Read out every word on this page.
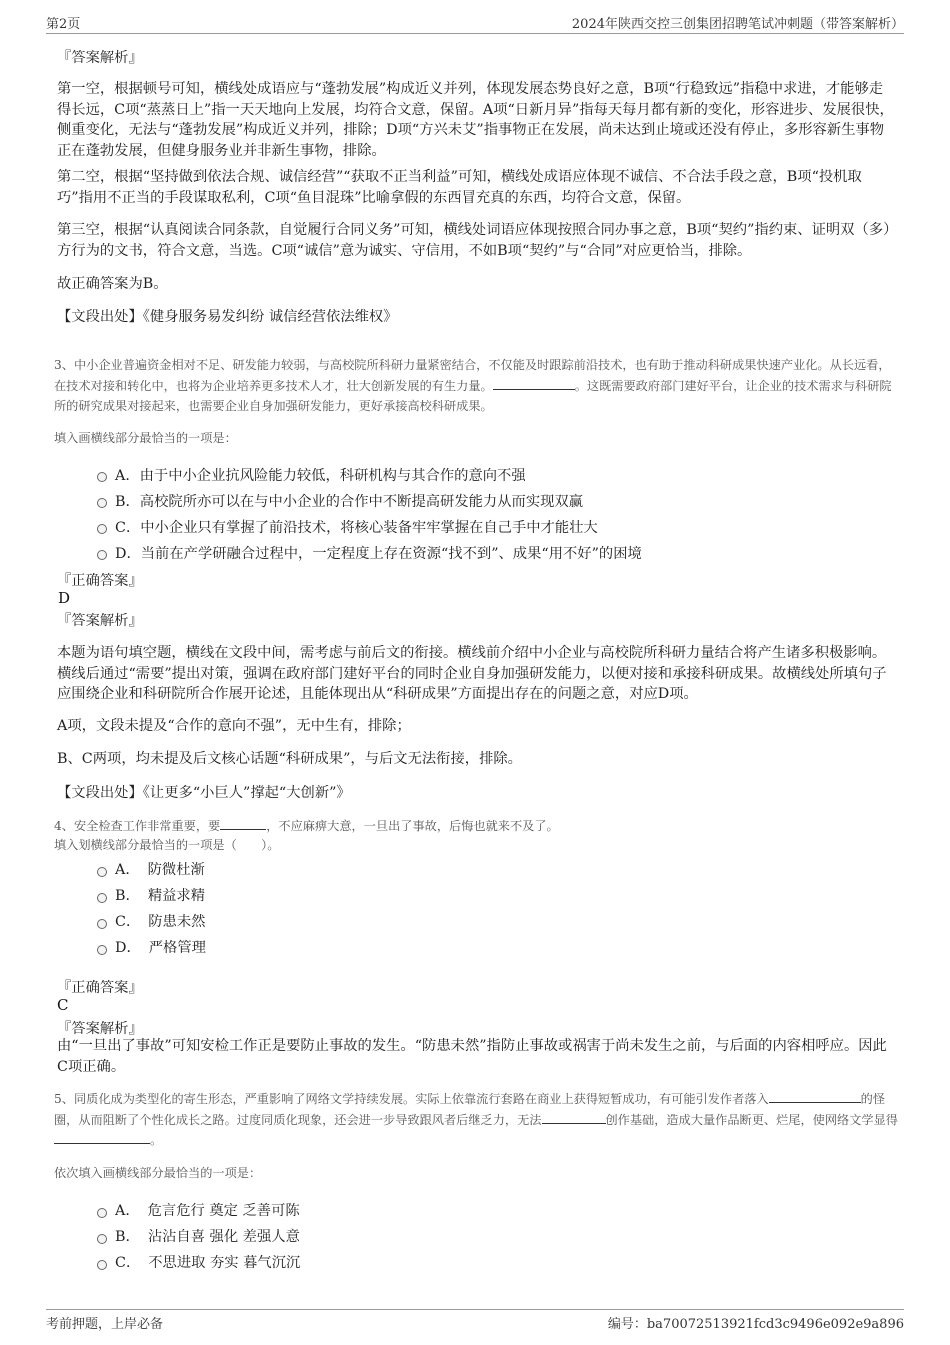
第2页	2024年陕西交控三创集团招聘笔试冲刺题（带答案解析）
『答案解析』
第一空，根据顿号可知，横线处成语应与“蓬勃发展”构成近义并列，体现发展态势良好之意，B项“行稳致远”指稳中求进，才能够走得长远，C项“蒸蒸日上”指一天天地向上发展，均符合文意，保留。A项“日新月异”指每天每月都有新的变化，形容进步、发展很快，侧重变化，无法与“蓬勃发展”构成近义并列，排除；D项“方兴未艾”指事物正在发展，尚未达到止境或还没有停止，多形容新生事物正在蓬勃发展，但健身服务业并非新生事物，排除。
第二空，根据“坚持做到依法合规、诚信经营”“获取不正当利益”可知，横线处成语应体现不诚信、不合法手段之意，B项“投机取巧”指用不正当的手段谋取私利，C项“鱼目混珠”比喻拿假的东西冒充真的东西，均符合文意，保留。
第三空，根据“认真阅读合同条款，自觉履行合同义务”可知，横线处词语应体现按照合同办事之意，B项“契约”指约束、证明双（多）方行为的文书，符合文意，当选。C项“诚信”意为诚实、守信用，不如B项“契约”与“合同”对应更恰当，排除。
故正确答案为B。
【文段出处】《健身服务易发纠纷 诚信经营依法维权》
3、中小企业普遍资金相对不足、研发能力较弱，与高校院所科研力量紧密结合，不仅能及时跟踪前沿技术，也有助于推动科研成果快速产业化。从长远看，在技术对接和转化中，也将为企业培养更多技术人才，壮大创新发展的有生力量。	。这既需要政府部门建好平台，让企业的技术需求与科研院所的研究成果对接起来，也需要企业自身加强研发能力，更好承接高校科研成果。
填入画横线部分最恰当的一项是：
A．由于中小企业抗风险能力较低，科研机构与其合作的意向不强
B．高校院所亦可以在与中小企业的合作中不断提高研发能力从而实现双赢
C．中小企业只有掌握了前沿技术，将核心装备牢牢掌握在自己手中才能壮大
D．当前在产学研融合过程中，一定程度上存在资源“找不到”、成果“用不好”的困境
『正确答案』
D
『答案解析』
本题为语句填空题，横线在文段中间，需考虑与前后文的衔接。横线前介绍中小企业与高校院所科研力量结合将产生诸多积极影响。横线后通过“需要”提出对策，强调在政府部门建好平台的同时企业自身加强研发能力，以便对接和承接科研成果。故横线处所填句子应围绕企业和科研院所合作展开论述，且能体现出从“科研成果”方面提出存在的问题之意，对应D项。
A项，文段未提及“合作的意向不强”，无中生有，排除；
B、C两项，均未提及后文核心话题“科研成果”，与后文无法衔接，排除。
【文段出处】《让更多“小巨人”撑起“大创新”》
4、安全检查工作非常重要，要	，不应麻痹大意，一旦出了事故，后悔也就来不及了。
填入划横线部分最恰当的一项是（　　）。
A． 防微杜渐
B． 精益求精
C． 防患未然
D． 严格管理
『正确答案』
C
『答案解析』
由“一旦出了事故”可知安检工作正是要防止事故的发生。“防患未然”指防止事故或祸害于尚未发生之前，与后面的内容相呼应。因此C项正确。
5、同质化成为类型化的寄生形态，严重影响了网络文学持续发展。实际上依靠流行套路在商业上获得短暂成功，有可能引发作者落入	的怪圈，从而阻断了个性化成长之路。过度同质化现象，还会进一步导致跟风者后继乏力，无法	创作基础，造成大量作品断更、烂尾，使网络文学显得。
依次填入画横线部分最恰当的一项是：
A． 危言危行 奠定 乏善可陈
B． 沾沾自喜 强化 差强人意
C． 不思进取 夯实 暮气沉沉
考前押题，上岸必备	编号：ba70072513921fcd3c9496e092e9a896
